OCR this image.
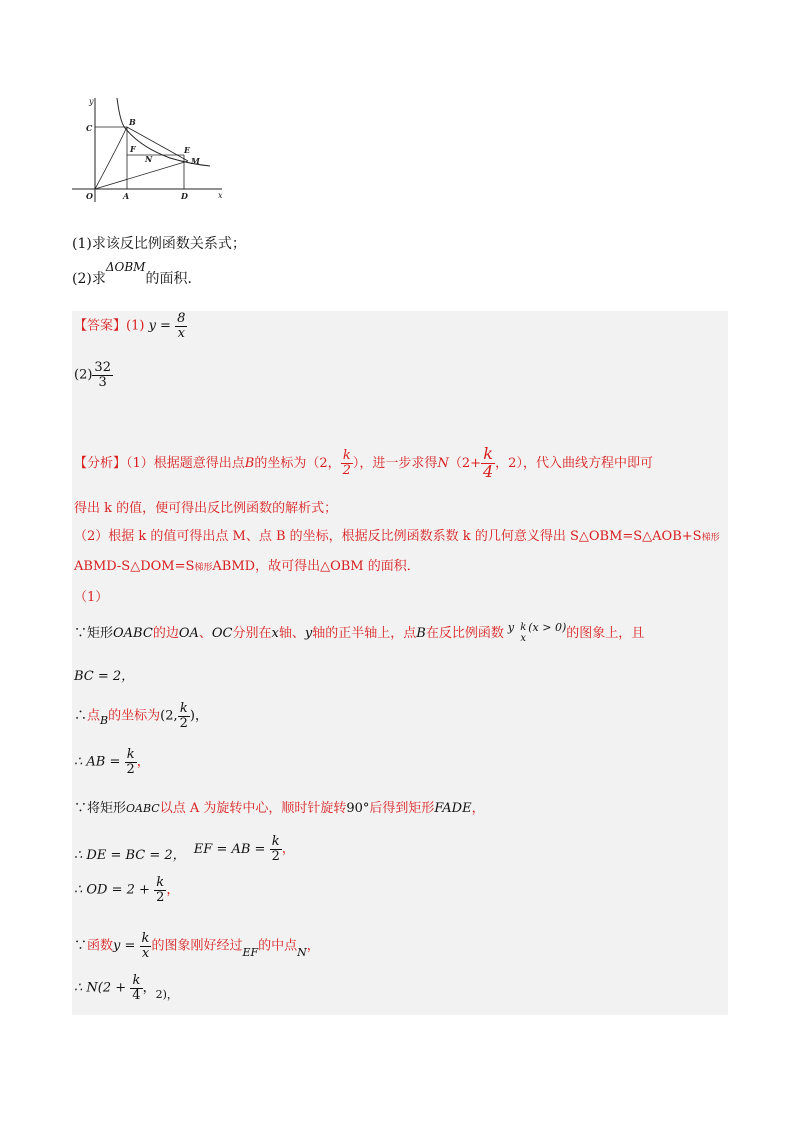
y
x
O	A	D
C
B
F
N
E
M
(1)求该反比例函数关系式；
(2)求ΔOBM的面积．
【答案】(1) $y = \frac{8}{x}$
$(2) \frac{32}{3}$
【分析】（1）根据题意得出点B的坐标为（2， $\frac{k}{2}$ ），进一步求得$N(2+ \frac{k}{4}$ ，2），代入曲线方程中即可
得出 k 的值，便可得出反比例函数的解析式；
（2）根据 k 的值可得出点 M、点 B 的坐标，根据反比例函数系数 k 的几何意义得出 S△OBM=S△AOB+S梯形
ABMD-S△DOM=S梯形ABMD，故可得出△OBM 的面积．
（1）
∵矩形OABC的边OA、OC分别在x轴、y轴的正半轴上，点B在反比例函数 $^y$ k
x
$^{(x > 0)}$的图象上，且
BC = 2，
∴点$_B$的坐标为(2, $\frac{k}{2}$ )，
∴ AB = $\frac{k}{2}$ ，
∵将矩形OABC以点 A 为旋转中心，顺时针旋转90°后得到矩形FADE，
∴ DE = BC = 2， EF = AB = $\frac{k}{2}$ ，
∴ OD = $2 + \frac{k}{2}$ ，
∵函数$y = \frac{k}{x}$ 的图象刚好经过$_{EF}$的中点$_N$，
∴ $N(2 + \frac{k}{4}$ ，$_{2),}$
